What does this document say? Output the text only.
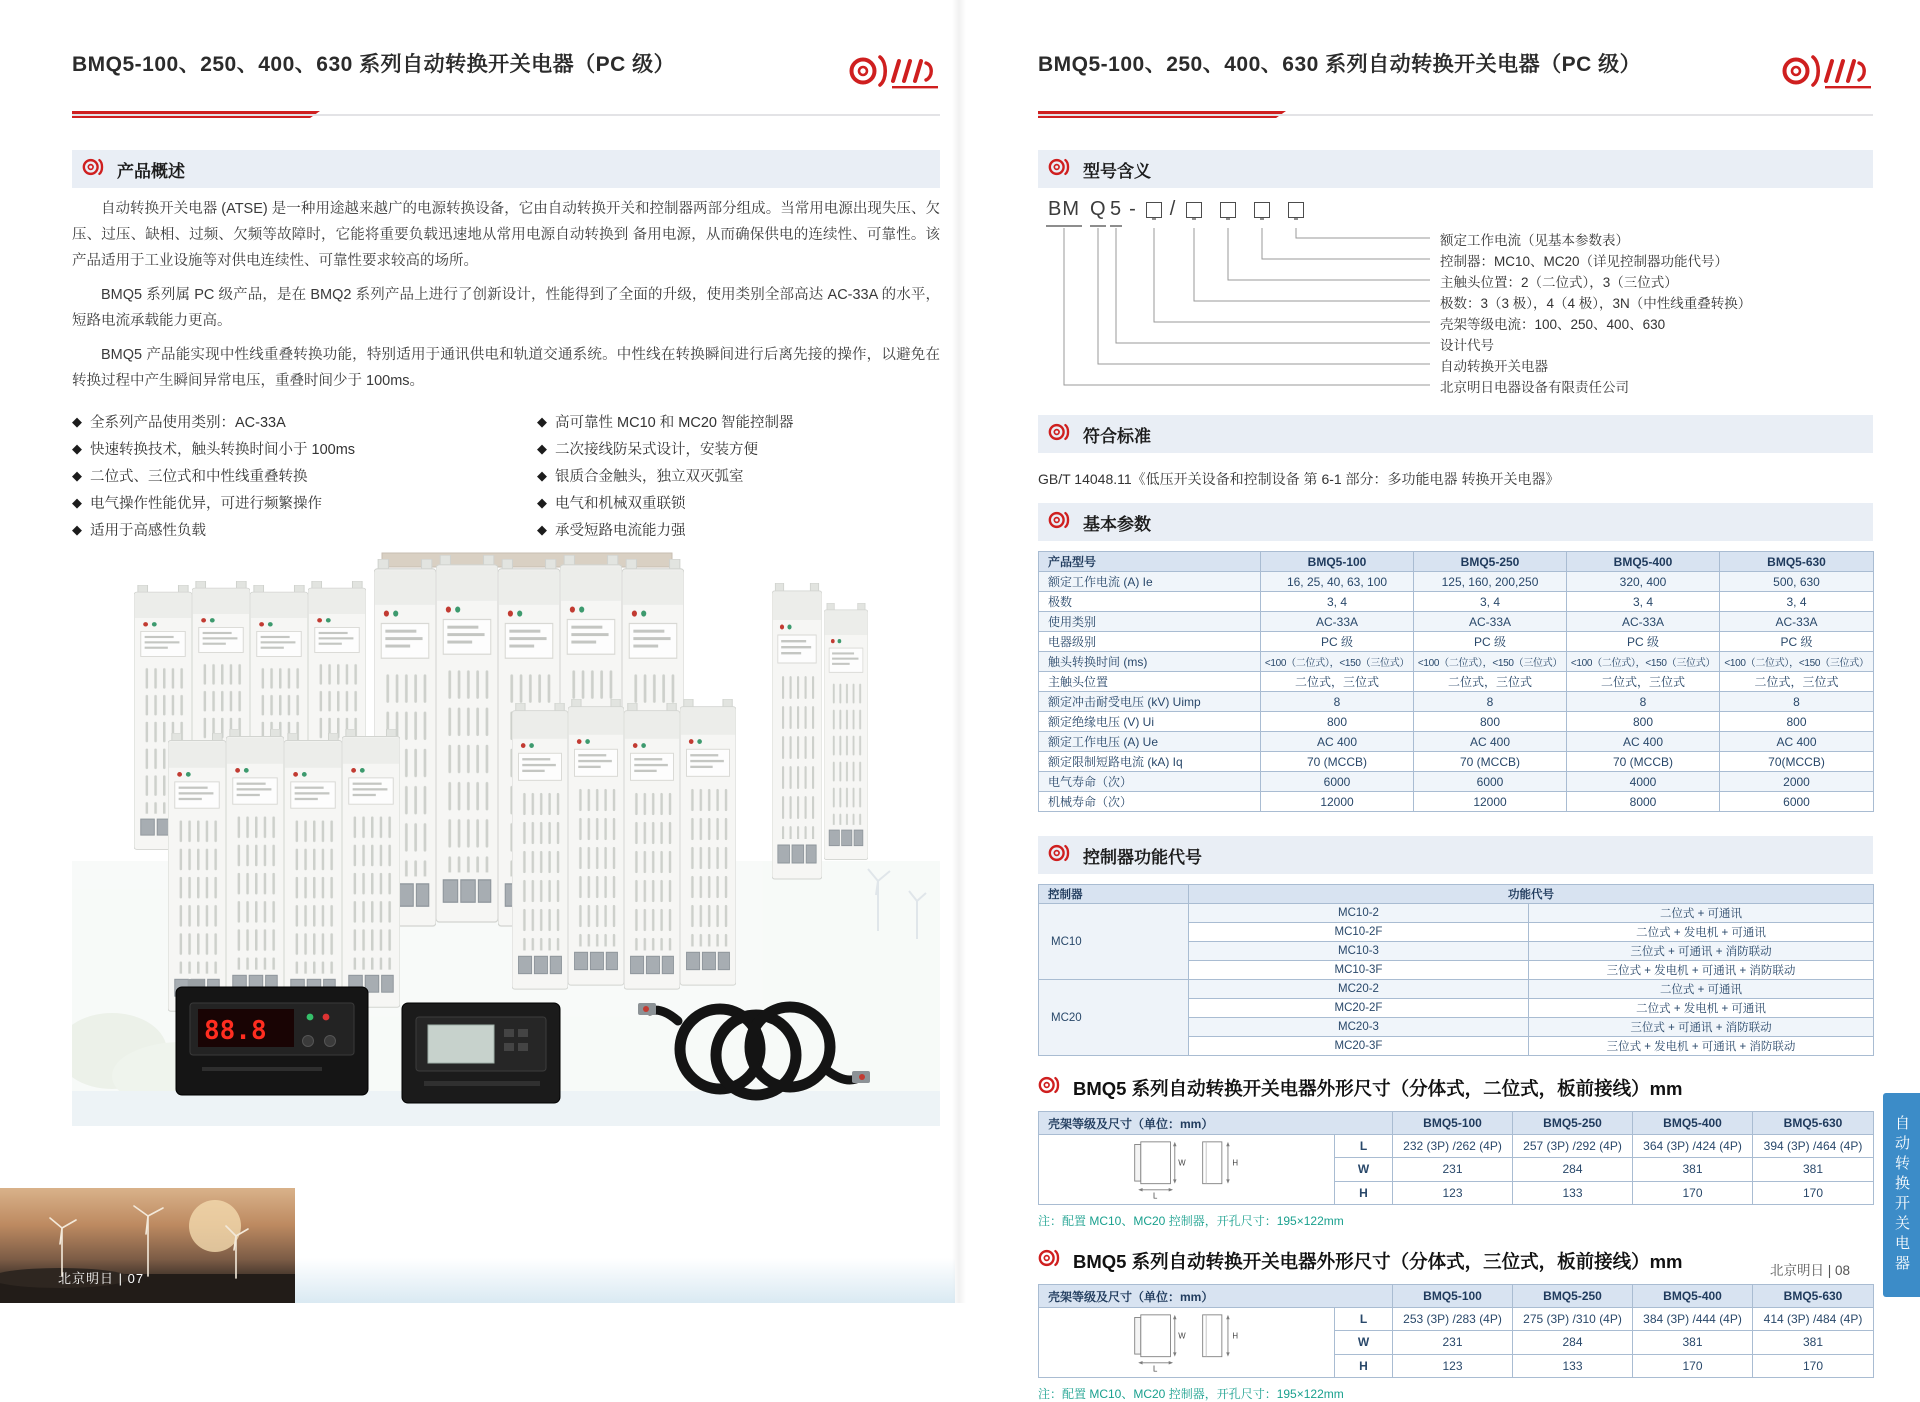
BMQ5-100、250、400、630 系列自动转换开关电器（PC 级）
产品概述

自动转换开关电器 (ATSE) 是一种用途越来越广的电源转换设备，它由自动转换开关和控制器两部分组成。当常用电源出现失压、欠压、过压、缺相、过频、欠频等故障时，它能将重要负载迅速地从常用电源自动转换到 备用电源，从而确保供电的连续性、可靠性。该产品适用于工业设施等对供电连续性、可靠性要求较高的场所。

BMQ5 系列属 PC 级产品，是在 BMQ2 系列产品上进行了创新设计，性能得到了全面的升级，使用类别全部高达 AC-33A 的水平，短路电流承载能力更高。

BMQ5 产品能实现中性线重叠转换功能，特别适用于通讯供电和轨道交通系统。中性线在转换瞬间进行后离先接的操作，以避免在转换过程中产生瞬间异常电压，重叠时间少于 100ms。

◆ 全系列产品使用类别：AC-33A
◆ 快速转换技术，触头转换时间小于 100ms
◆ 二位式、三位式和中性线重叠转换
◆ 电气操作性能优异，可进行频繁操作
◆ 适用于高感性负载
◆ 高可靠性 MC10 和 MC20 智能控制器
◆ 二次接线防呆式设计，安装方便
◆ 银质合金触头，独立双灭弧室
◆ 电气和机械双重联锁
◆ 承受短路电流能力强
88.8
北京明日 | 07
BMQ5-100、250、400、630 系列自动转换开关电器（PC 级）
型号含义
BM Q 5 - /
额定工作电流（见基本参数表）
控制器：MC10、MC20（详见控制器功能代号）
主触头位置：2（二位式），3（三位式）
极数：3（3 极），4（4 极），3N（中性线重叠转换）
壳架等级电流：100、250、400、630
设计代号
自动转换开关电器
北京明日电器设备有限责任公司
符合标准
GB/T 14048.11《低压开关设备和控制设备 第 6-1 部分：多功能电器 转换开关电器》
基本参数
产品型号	BMQ5-100	BMQ5-250	BMQ5-400	BMQ5-630
额定工作电流 (A) Ie	16, 25, 40, 63, 100	125, 160, 200,250	320, 400	500, 630
极数	3, 4	3, 4	3, 4	3, 4
使用类别	AC-33A	AC-33A	AC-33A	AC-33A
电器级别	PC 级	PC 级	PC 级	PC 级
触头转换时间 (ms)	<100（二位式），<150（三位式）	<100（二位式），<150（三位式）	<100（二位式），<150（三位式）	<100（二位式），<150（三位式）
主触头位置	二位式，三位式	二位式，三位式	二位式，三位式	二位式，三位式
额定冲击耐受电压 (kV) Uimp	8	8	8	8
额定绝缘电压 (V) Ui	800	800	800	800
额定工作电压 (A) Ue	AC 400	AC 400	AC 400	AC 400
额定限制短路电流 (kA) Iq	70 (MCCB)	70 (MCCB)	70 (MCCB)	70(MCCB)
电气寿命（次）	6000	6000	4000	2000
机械寿命（次）	12000	12000	8000	6000
控制器功能代号
控制器	功能代号	
MC10	MC10-2	二位式 + 可通讯
	MC10-2F	二位式 + 发电机 + 可通讯
	MC10-3	三位式 + 可通讯 + 消防联动
	MC10-3F	三位式 + 发电机 + 可通讯 + 消防联动
MC20	MC20-2	二位式 + 可通讯
	MC20-2F	二位式 + 发电机 + 可通讯
	MC20-3	三位式 + 可通讯 + 消防联动
	MC20-3F	三位式 + 发电机 + 可通讯 + 消防联动
BMQ5 系列自动转换开关电器外形尺寸（分体式，二位式，板前接线）mm
壳架等级及尺寸（单位：mm）		BMQ5-100	BMQ5-250	BMQ5-400	BMQ5-630

W
L
H	L	232 (3P) /262 (4P)	257 (3P) /292 (4P)	364 (3P) /424 (4P)	394 (3P) /464 (4P)
	W	231	284	381	381
	H	123	133	170	170
注：配置 MC10、MC20 控制器，开孔尺寸：195×122mm
BMQ5 系列自动转换开关电器外形尺寸（分体式，三位式，板前接线）mm
壳架等级及尺寸（单位：mm）		BMQ5-100	BMQ5-250	BMQ5-400	BMQ5-630

W
L
H	L	253 (3P) /283 (4P)	275 (3P) /310 (4P)	384 (3P) /444 (4P)	414 (3P) /484 (4P)
	W	231	284	381	381
	H	123	133	170	170
注：配置 MC10、MC20 控制器，开孔尺寸：195×122mm
北京明日 | 08	自动转换开关电器
